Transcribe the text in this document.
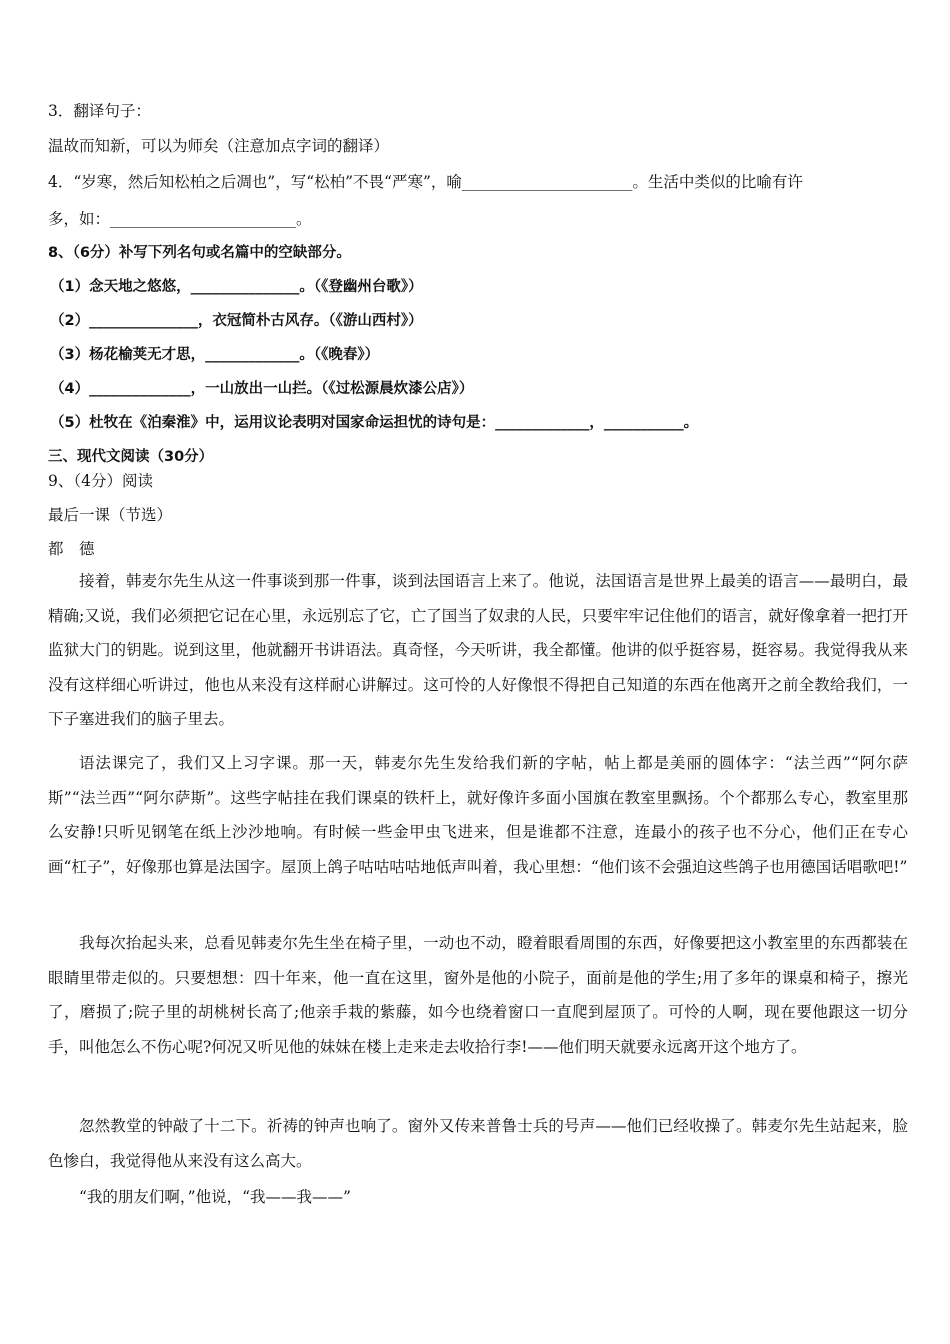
3．翻译句子：
温故而知新，可以为师矣（注意加点字词的翻译）
4．“岁寒，然后知松柏之后凋也”，写“松柏”不畏“严寒”，喻______________________。生活中类似的比喻有许
多，如：________________________。
8、（6分）补写下列名句或名篇中的空缺部分。
（1）念天地之悠悠，_______________。（《登幽州台歌》）
（2）_______________，衣冠简朴古风存。（《游山西村》）
（3）杨花榆荚无才思，_____________。（《晚春》）
（4）______________，一山放出一山拦。（《过松源晨炊漆公店》）
（5）杜牧在《泊秦淮》中，运用议论表明对国家命运担忧的诗句是：_____________，___________。
三、现代文阅读（30分）
9、（4分）阅读
最后一课（节选）
都　德
接着，韩麦尔先生从这一件事谈到那一件事，谈到法国语言上来了。他说，法国语言是世界上最美的语言——最明白，最精确;又说，我们必须把它记在心里，永远别忘了它，亡了国当了奴隶的人民，只要牢牢记住他们的语言，就好像拿着一把打开监狱大门的钥匙。说到这里，他就翻开书讲语法。真奇怪，今天听讲，我全都懂。他讲的似乎挺容易，挺容易。我觉得我从来没有这样细心听讲过，他也从来没有这样耐心讲解过。这可怜的人好像恨不得把自己知道的东西在他离开之前全教给我们，一下子塞进我们的脑子里去。
语法课完了，我们又上习字课。那一天，韩麦尔先生发给我们新的字帖，帖上都是美丽的圆体字：“法兰西”“阿尔萨斯”“法兰西”“阿尔萨斯”。这些字帖挂在我们课桌的铁杆上，就好像许多面小国旗在教室里飘扬。个个都那么专心，教室里那么安静!只听见钢笔在纸上沙沙地响。有时候一些金甲虫飞进来，但是谁都不注意，连最小的孩子也不分心，他们正在专心画“杠子”，好像那也算是法国字。屋顶上鸽子咕咕咕咕地低声叫着，我心里想：“他们该不会强迫这些鸽子也用德国话唱歌吧!”
我每次抬起头来，总看见韩麦尔先生坐在椅子里，一动也不动，瞪着眼看周围的东西，好像要把这小教室里的东西都装在眼睛里带走似的。只要想想：四十年来，他一直在这里，窗外是他的小院子，面前是他的学生;用了多年的课桌和椅子，擦光了，磨损了;院子里的胡桃树长高了;他亲手栽的紫藤，如今也绕着窗口一直爬到屋顶了。可怜的人啊，现在要他跟这一切分手，叫他怎么不伤心呢?何况又听见他的妹妹在楼上走来走去收拾行李!——他们明天就要永远离开这个地方了。
忽然教堂的钟敲了十二下。祈祷的钟声也响了。窗外又传来普鲁士兵的号声——他们已经收操了。韩麦尔先生站起来，脸色惨白，我觉得他从来没有这么高大。
“我的朋友们啊，”他说，“我——我——”
